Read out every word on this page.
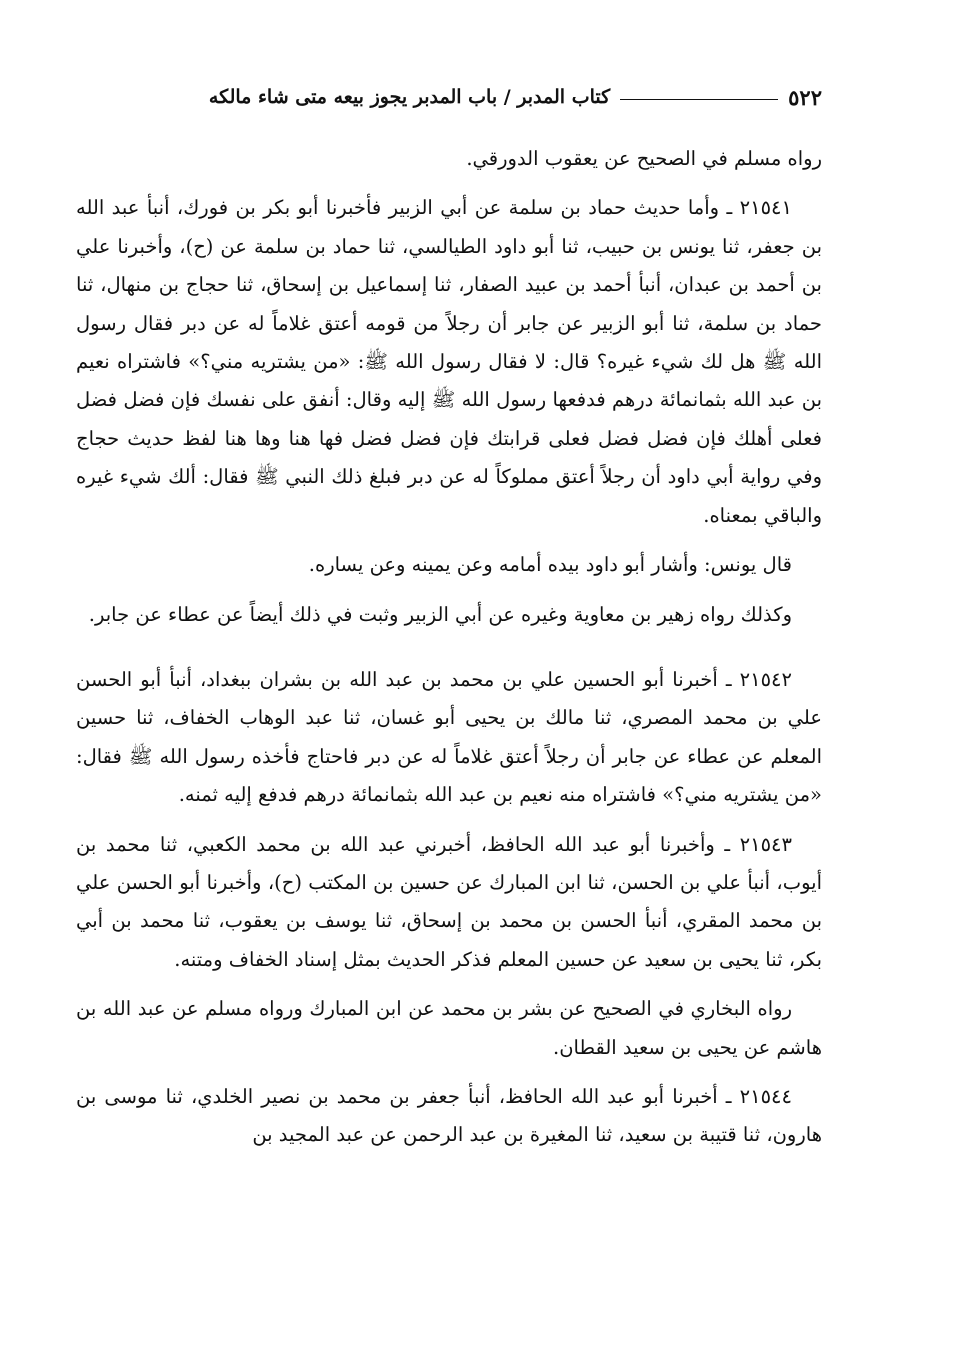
٥٢٢
كتاب المدبر / باب المدبر يجوز بيعه متى شاء مالكه

رواه مسلم في الصحيح عن يعقوب الدورقي.

٢١٥٤١ ـ وأما حديث حماد بن سلمة عن أبي الزبير فأخبرنا أبو بكر بن فورك، أنبأ عبد الله بن جعفر، ثنا يونس بن حبيب، ثنا أبو داود الطيالسي، ثنا حماد بن سلمة عن (ح)، وأخبرنا علي بن أحمد بن عبدان، أنبأ أحمد بن عبيد الصفار، ثنا إسماعيل بن إسحاق، ثنا حجاج بن منهال، ثنا حماد بن سلمة، ثنا أبو الزبير عن جابر أن رجلاً من قومه أعتق غلاماً له عن دبر فقال رسول الله ﷺ هل لك شيء غيره؟ قال: لا فقال رسول الله ﷺ: «من يشتريه مني؟» فاشتراه نعيم بن عبد الله بثمانمائة درهم فدفعها رسول الله ﷺ إليه وقال: أنفق على نفسك فإن فضل فضل فعلى أهلك فإن فضل فضل فعلى قرابتك فإن فضل فضل فها هنا وها هنا لفظ حديث حجاج وفي رواية أبي داود أن رجلاً أعتق مملوكاً له عن دبر فبلغ ذلك النبي ﷺ فقال: ألك شيء غيره والباقي بمعناه.

قال يونس: وأشار أبو داود بيده أمامه وعن يمينه وعن يساره.

وكذلك رواه زهير بن معاوية وغيره عن أبي الزبير وثبت في ذلك أيضاً عن عطاء عن جابر.

٢١٥٤٢ ـ أخبرنا أبو الحسين علي بن محمد بن عبد الله بن بشران ببغداد، أنبأ أبو الحسن علي بن محمد المصري، ثنا مالك بن يحيى أبو غسان، ثنا عبد الوهاب الخفاف، ثنا حسين المعلم عن عطاء عن جابر أن رجلاً أعتق غلاماً له عن دبر فاحتاج فأخذه رسول الله ﷺ فقال: «من يشتريه مني؟» فاشتراه منه نعيم بن عبد الله بثمانمائة درهم فدفع إليه ثمنه.

٢١٥٤٣ ـ وأخبرنا أبو عبد الله الحافظ، أخبرني عبد الله بن محمد الكعبي، ثنا محمد بن أيوب، أنبأ علي بن الحسن، ثنا ابن المبارك عن حسين بن المكتب (ح)، وأخبرنا أبو الحسن علي بن محمد المقري، أنبأ الحسن بن محمد بن إسحاق، ثنا يوسف بن يعقوب، ثنا محمد بن أبي بكر، ثنا يحيى بن سعيد عن حسين المعلم فذكر الحديث بمثل إسناد الخفاف ومتنه.

رواه البخاري في الصحيح عن بشر بن محمد عن ابن المبارك ورواه مسلم عن عبد الله بن هاشم عن يحيى بن سعيد القطان.

٢١٥٤٤ ـ أخبرنا أبو عبد الله الحافظ، أنبأ جعفر بن محمد بن نصير الخلدي، ثنا موسى بن هارون، ثنا قتيبة بن سعيد، ثنا المغيرة بن عبد الرحمن عن عبد المجيد بن
